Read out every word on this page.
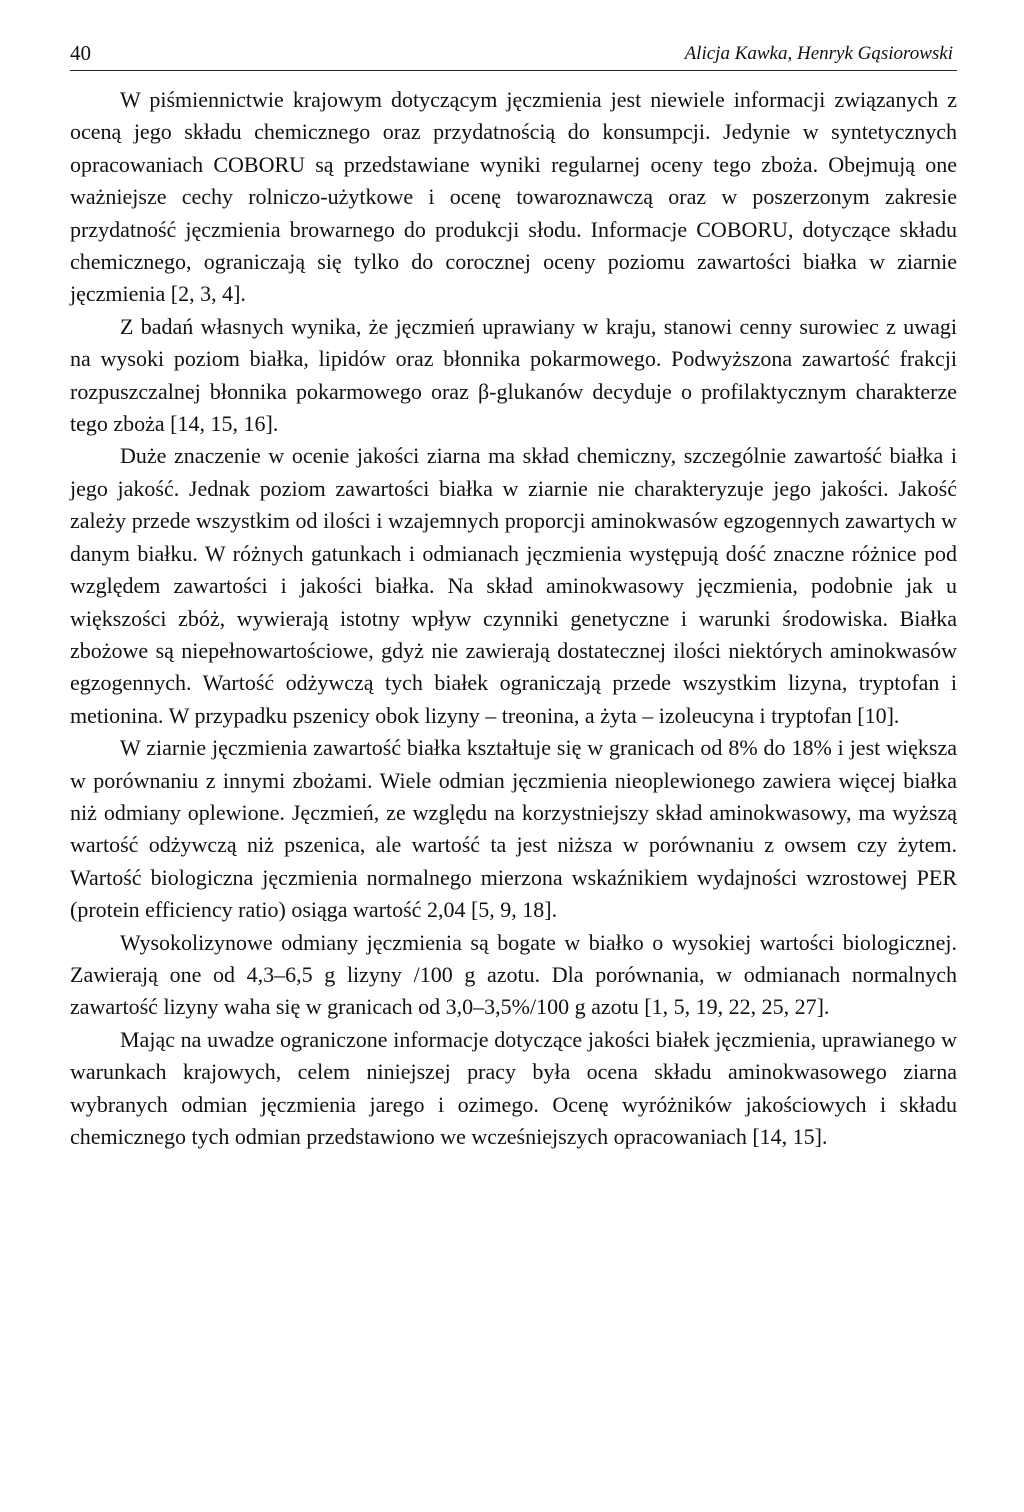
40	Alicja Kawka, Henryk Gąsiorowski

W piśmiennictwie krajowym dotyczącym jęczmienia jest niewiele informacji związanych z oceną jego składu chemicznego oraz przydatnością do konsumpcji. Jedynie w syntetycznych opracowaniach COBORU są przedstawiane wyniki regularnej oceny tego zboża. Obejmują one ważniejsze cechy rolniczo-użytkowe i ocenę towaroznawczą oraz w poszerzonym zakresie przydatność jęczmienia browarnego do produkcji słodu. Informacje COBORU, dotyczące składu chemicznego, ograniczają się tylko do corocznej oceny poziomu zawartości białka w ziarnie jęczmienia [2, 3, 4].

Z badań własnych wynika, że jęczmień uprawiany w kraju, stanowi cenny surowiec z uwagi na wysoki poziom białka, lipidów oraz błonnika pokarmowego. Podwyższona zawartość frakcji rozpuszczalnej błonnika pokarmowego oraz β-glukanów decyduje o profilaktycznym charakterze tego zboża [14, 15, 16].

Duże znaczenie w ocenie jakości ziarna ma skład chemiczny, szczególnie zawartość białka i jego jakość. Jednak poziom zawartości białka w ziarnie nie charakteryzuje jego jakości. Jakość zależy przede wszystkim od ilości i wzajemnych proporcji aminokwasów egzogennych zawartych w danym białku. W różnych gatunkach i odmianach jęczmienia występują dość znaczne różnice pod względem zawartości i jakości białka. Na skład aminokwasowy jęczmienia, podobnie jak u większości zbóż, wywierają istotny wpływ czynniki genetyczne i warunki środowiska. Białka zbożowe są niepełnowartościowe, gdyż nie zawierają dostatecznej ilości niektórych aminokwasów egzogennych. Wartość odżywczą tych białek ograniczają przede wszystkim lizyna, tryptofan i metionina. W przypadku pszenicy obok lizyny – treonina, a żyta – izoleucyna i tryptofan [10].

W ziarnie jęczmienia zawartość białka kształtuje się w granicach od 8% do 18% i jest większa w porównaniu z innymi zbożami. Wiele odmian jęczmienia nieoplewionego zawiera więcej białka niż odmiany oplewione. Jęczmień, ze względu na korzystniejszy skład aminokwasowy, ma wyższą wartość odżywczą niż pszenica, ale wartość ta jest niższa w porównaniu z owsem czy żytem. Wartość biologiczna jęczmienia normalnego mierzona wskaźnikiem wydajności wzrostowej PER (protein efficiency ratio) osiąga wartość 2,04 [5, 9, 18].

Wysokolizynowe odmiany jęczmienia są bogate w białko o wysokiej wartości biologicznej. Zawierają one od 4,3–6,5 g lizyny /100 g azotu. Dla porównania, w odmianach normalnych zawartość lizyny waha się w granicach od 3,0–3,5%/100 g azotu [1, 5, 19, 22, 25, 27].

Mając na uwadze ograniczone informacje dotyczące jakości białek jęczmienia, uprawianego w warunkach krajowych, celem niniejszej pracy była ocena składu aminokwasowego ziarna wybranych odmian jęczmienia jarego i ozimego. Ocenę wyróżników jakościowych i składu chemicznego tych odmian przedstawiono we wcześniejszych opracowaniach [14, 15].
